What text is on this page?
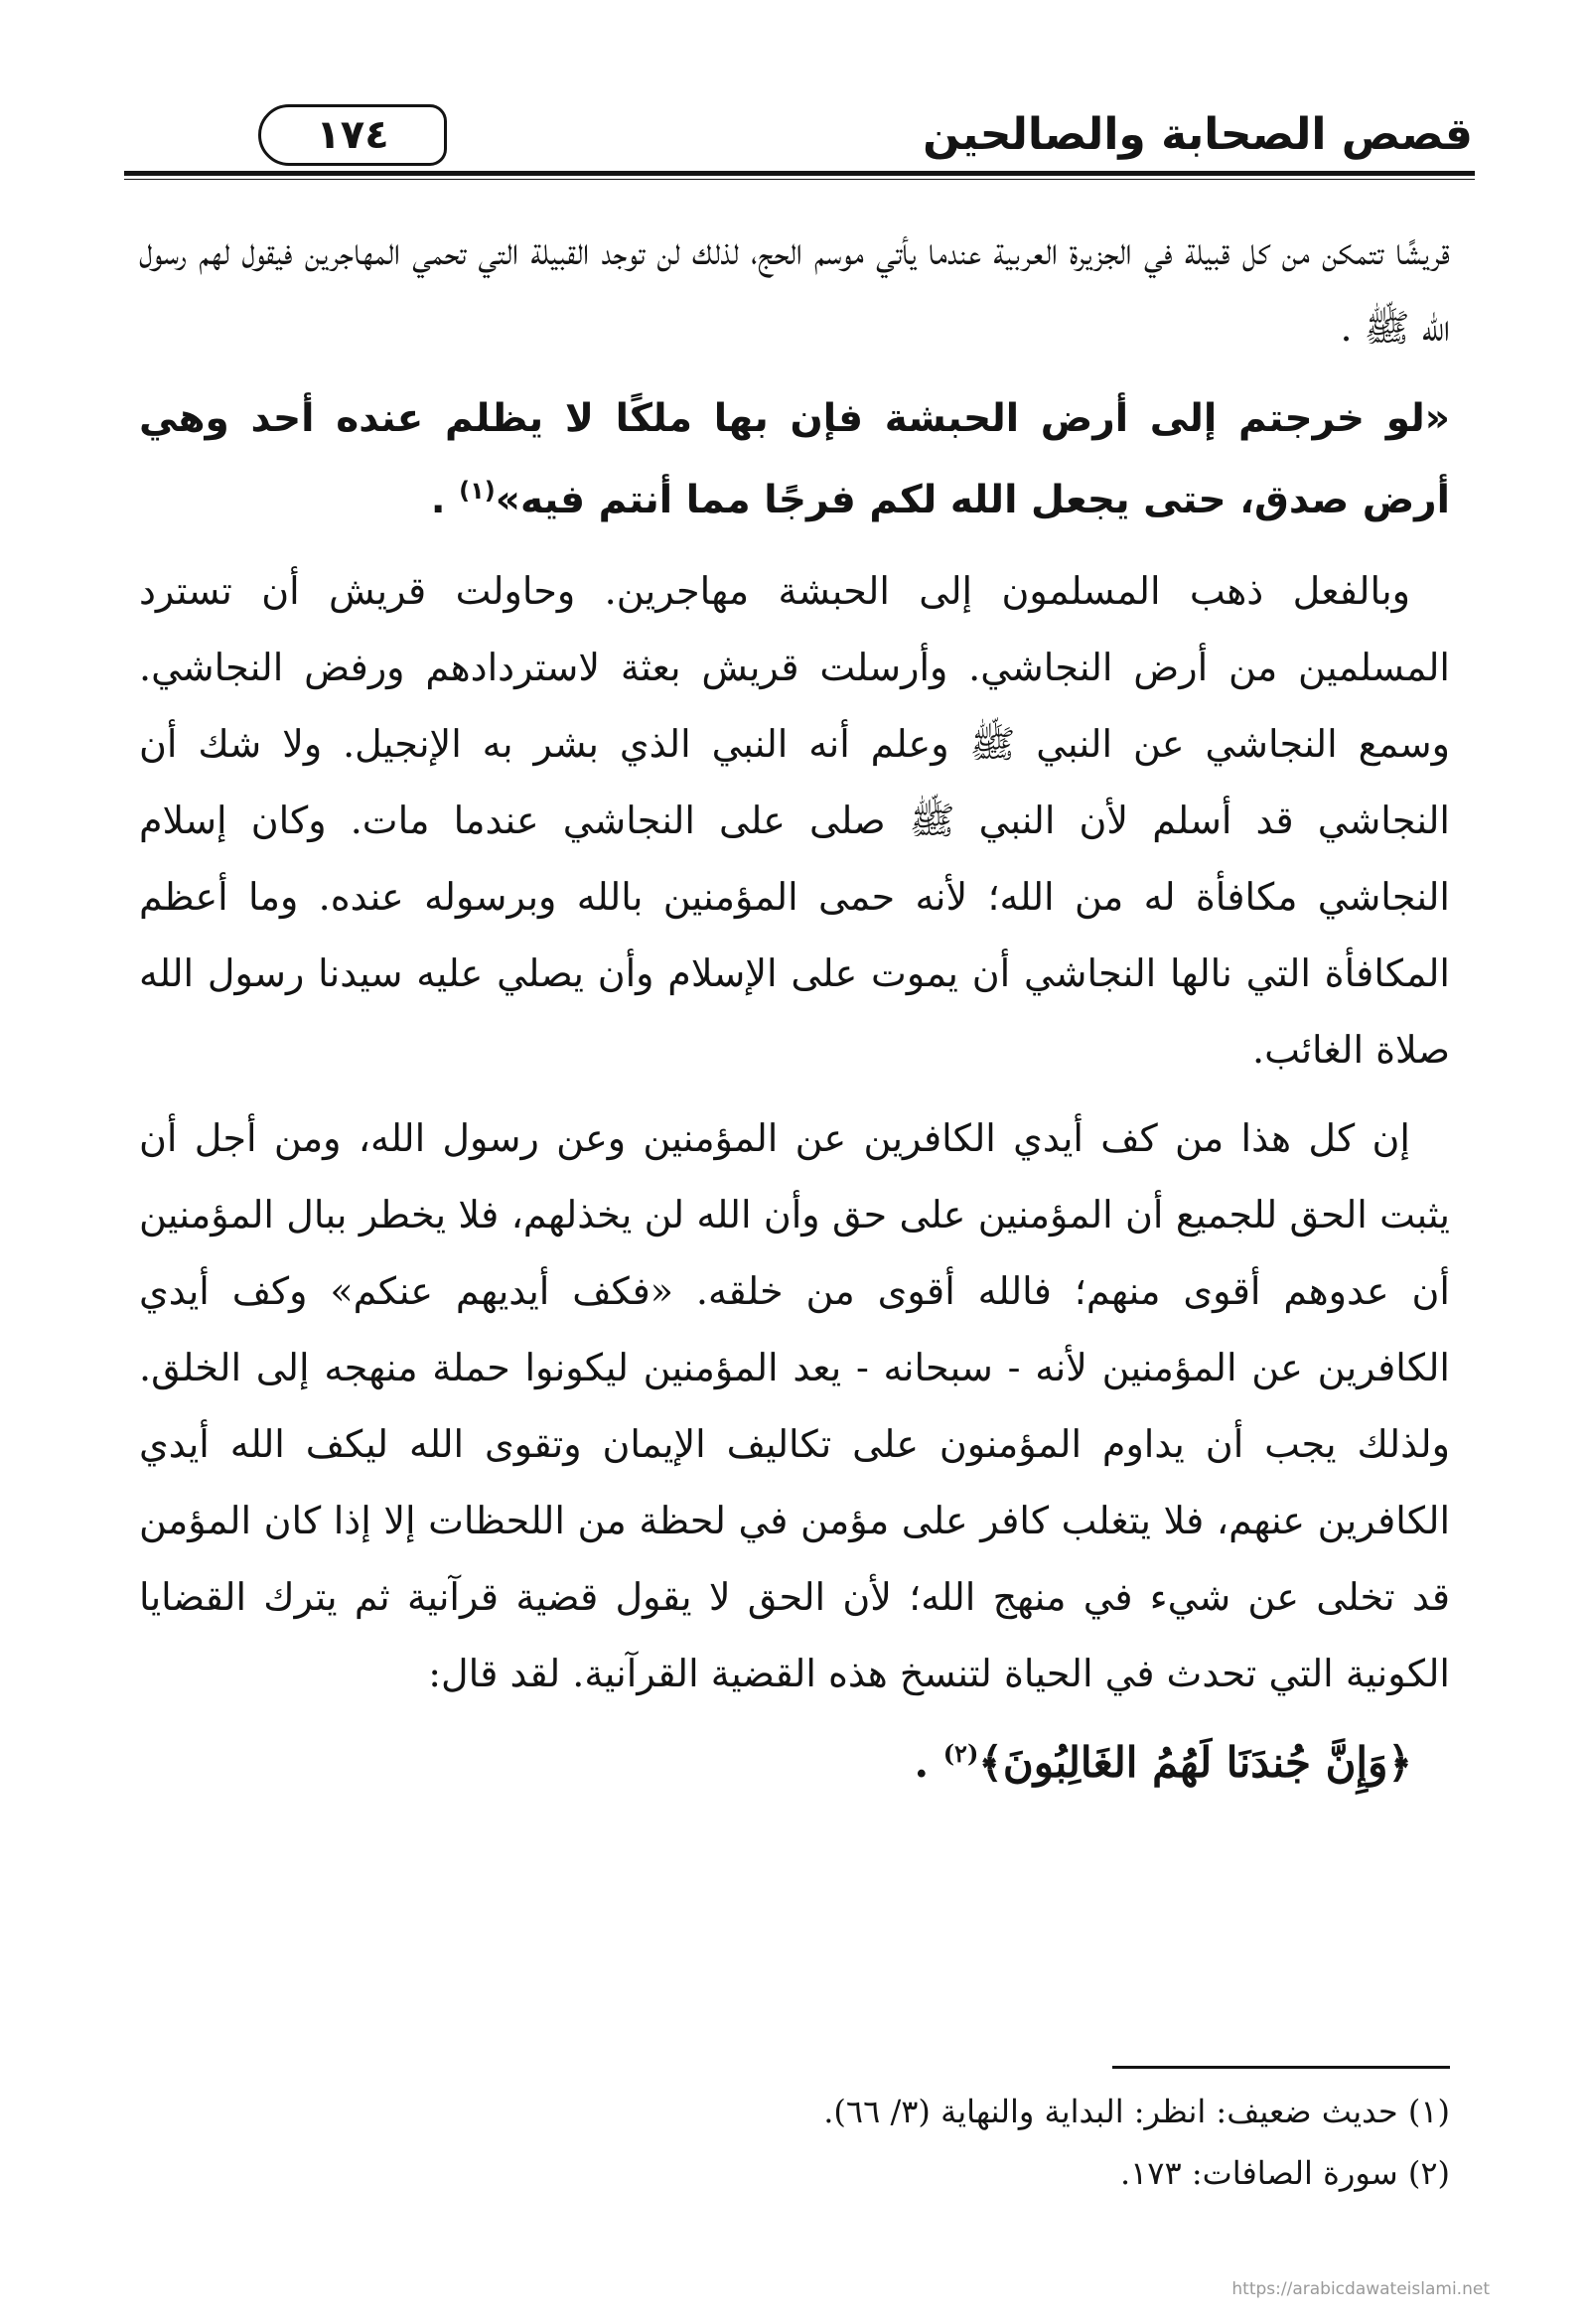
١٧٤	قصص الصحابة والصالحين

قريشًا تتمكن من كل قبيلة في الجزيرة العربية عندما يأتي موسم الحج، لذلك لن توجد القبيلة التي تحمي المهاجرين فيقول لهم رسول الله ﷺ .

«لو خرجتم إلى أرض الحبشة فإن بها ملكًا لا يظلم عنده أحد وهي أرض صدق، حتى يجعل الله لكم فرجًا مما أنتم فيه»$^{(١)}$ .

وبالفعل ذهب المسلمون إلى الحبشة مهاجرين. وحاولت قريش أن تسترد المسلمين من أرض النجاشي. وأرسلت قريش بعثة لاستردادهم ورفض النجاشي. وسمع النجاشي عن النبي ﷺ وعلم أنه النبي الذي بشر به الإنجيل. ولا شك أن النجاشي قد أسلم لأن النبي ﷺ صلى على النجاشي عندما مات. وكان إسلام النجاشي مكافأة له من الله؛ لأنه حمى المؤمنين بالله وبرسوله عنده. وما أعظم المكافأة التي نالها النجاشي أن يموت على الإسلام وأن يصلي عليه سيدنا رسول الله صلاة الغائب.

إن كل هذا من كف أيدي الكافرين عن المؤمنين وعن رسول الله، ومن أجل أن يثبت الحق للجميع أن المؤمنين على حق وأن الله لن يخذلهم، فلا يخطر ببال المؤمنين أن عدوهم أقوى منهم؛ فالله أقوى من خلقه. «فكف أيديهم عنكم» وكف أيدي الكافرين عن المؤمنين لأنه - سبحانه - يعد المؤمنين ليكونوا حملة منهجه إلى الخلق. ولذلك يجب أن يداوم المؤمنون على تكاليف الإيمان وتقوى الله ليكف الله أيدي الكافرين عنهم، فلا يتغلب كافر على مؤمن في لحظة من اللحظات إلا إذا كان المؤمن قد تخلى عن شيء في منهج الله؛ لأن الحق لا يقول قضية قرآنية ثم يترك القضايا الكونية التي تحدث في الحياة لتنسخ هذه القضية القرآنية. لقد قال:

﴿وَإِنَّ جُندَنَا لَهُمُ الغَالِبُونَ﴾$^{(٢)}$ .

(١) حديث ضعيف: انظر: البداية والنهاية (٣/ ٦٦).

(٢) سورة الصافات: ١٧٣.

https://arabicdawateislami.net
